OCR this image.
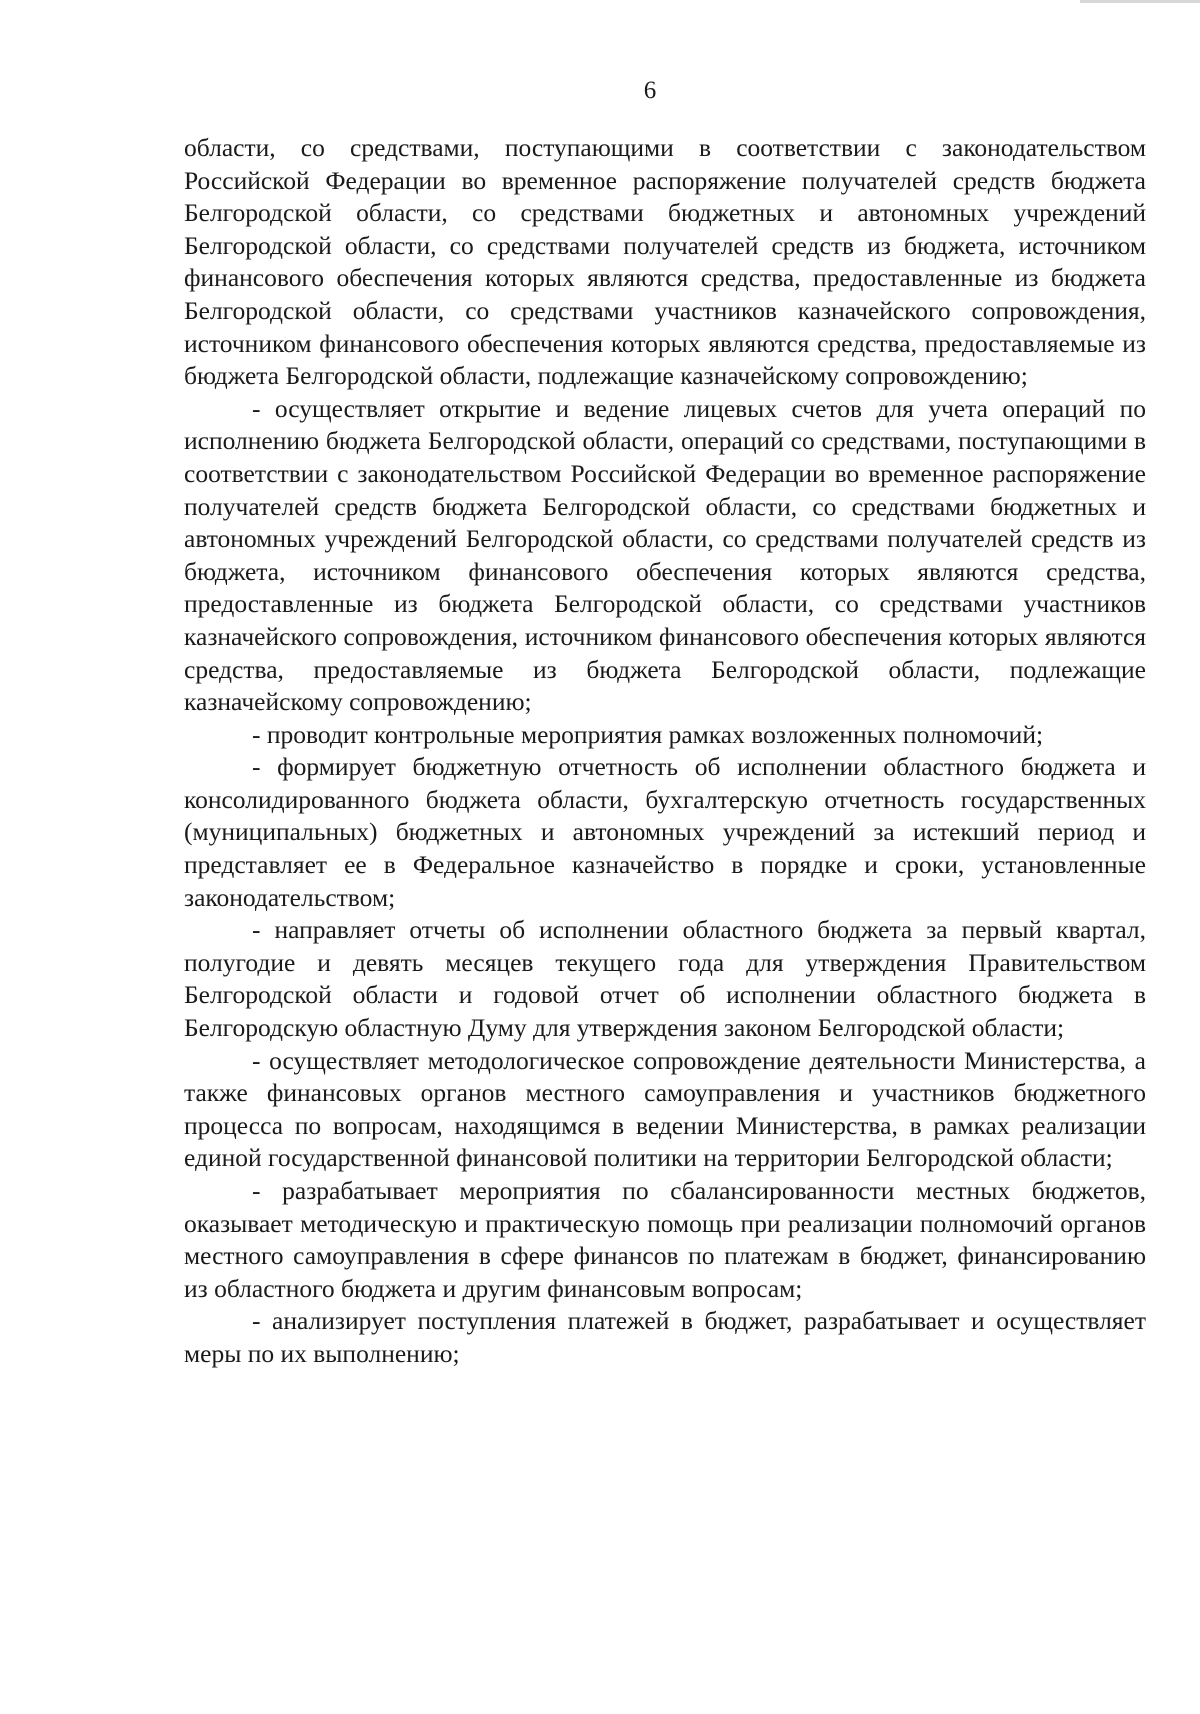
6

области, со средствами, поступающими в соответствии с законодательством Российской Федерации во временное распоряжение получателей средств бюджета Белгородской области, со средствами бюджетных и автономных учреждений Белгородской области, со средствами получателей средств из бюджета, источником финансового обеспечения которых являются средства, предоставленные из бюджета Белгородской области, со средствами участников казначейского сопровождения, источником финансового обеспечения которых являются средства, предоставляемые из бюджета Белгородской области, подлежащие казначейскому сопровождению;

- осуществляет открытие и ведение лицевых счетов для учета операций по исполнению бюджета Белгородской области, операций со средствами, поступающими в соответствии с законодательством Российской Федерации во временное распоряжение получателей средств бюджета Белгородской области, со средствами бюджетных и автономных учреждений Белгородской области, со средствами получателей средств из бюджета, источником финансового обеспечения которых являются средства, предоставленные из бюджета Белгородской области, со средствами участников казначейского сопровождения, источником финансового обеспечения которых являются средства, предоставляемые из бюджета Белгородской области, подлежащие казначейскому сопровождению;

- проводит контрольные мероприятия рамках возложенных полномочий;

- формирует бюджетную отчетность об исполнении областного бюджета и консолидированного бюджета области, бухгалтерскую отчетность государственных (муниципальных) бюджетных и автономных учреждений за истекший период и представляет ее в Федеральное казначейство в порядке и сроки, установленные законодательством;

- направляет отчеты об исполнении областного бюджета за первый квартал, полугодие и девять месяцев текущего года для утверждения Правительством Белгородской области и годовой отчет об исполнении областного бюджета в Белгородскую областную Думу для утверждения законом Белгородской области;

- осуществляет методологическое сопровождение деятельности Министерства, а также финансовых органов местного самоуправления и участников бюджетного процесса по вопросам, находящимся в ведении Министерства, в рамках реализации единой государственной финансовой политики на территории Белгородской области;

- разрабатывает мероприятия по сбалансированности местных бюджетов, оказывает методическую и практическую помощь при реализации полномочий органов местного самоуправления в сфере финансов по платежам в бюджет, финансированию из областного бюджета и другим финансовым вопросам;

- анализирует поступления платежей в бюджет, разрабатывает и осуществляет меры по их выполнению;
